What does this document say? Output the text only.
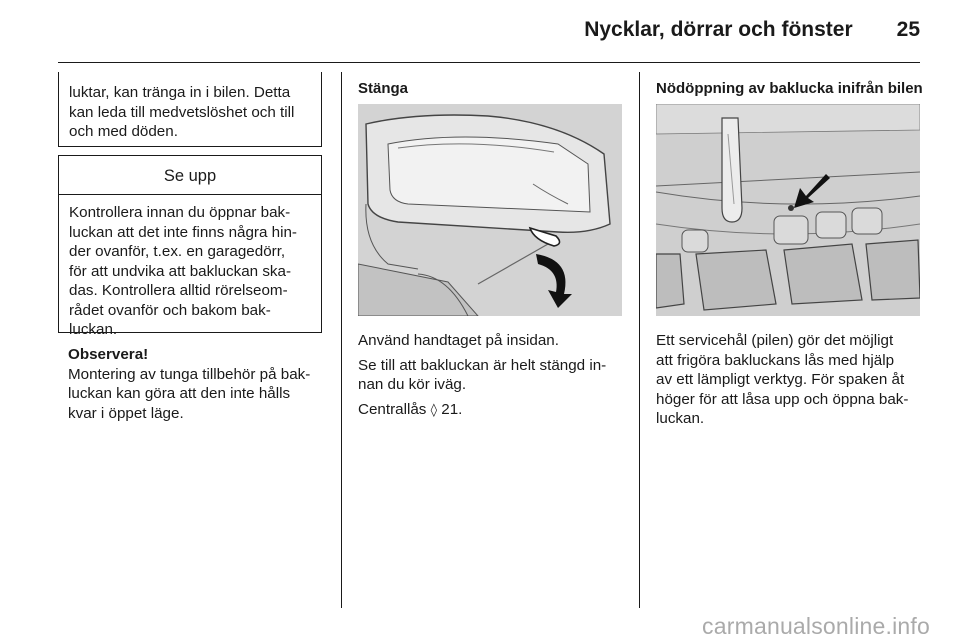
Nycklar, dörrar och fönster 25
luktar, kan tränga in i bilen. Detta
kan leda till medvetslöshet och till
och med döden.
Se upp
Kontrollera innan du öppnar bak-
luckan att det inte finns några hin-
der ovanför, t.ex. en garagedörr,
för att undvika att bakluckan ska-
das. Kontrollera alltid rörelseom-
rådet ovanför och bakom bak-
luckan.
Observera!
Montering av tunga tillbehör på bak-
luckan kan göra att den inte hålls
kvar i öppet läge.
Stänga

Använd handtaget på insidan.

Se till att bakluckan är helt stängd in-
nan du kör iväg.

Centrallås ◊ 21.

Nödöppning av baklucka inifrån bilen
Ett servicehål (pilen) gör det möjligt
att frigöra bakluckans lås med hjälp
av ett lämpligt verktyg. För spaken åt
höger för att låsa upp och öppna bak-
luckan.
carmanualsonline.info
